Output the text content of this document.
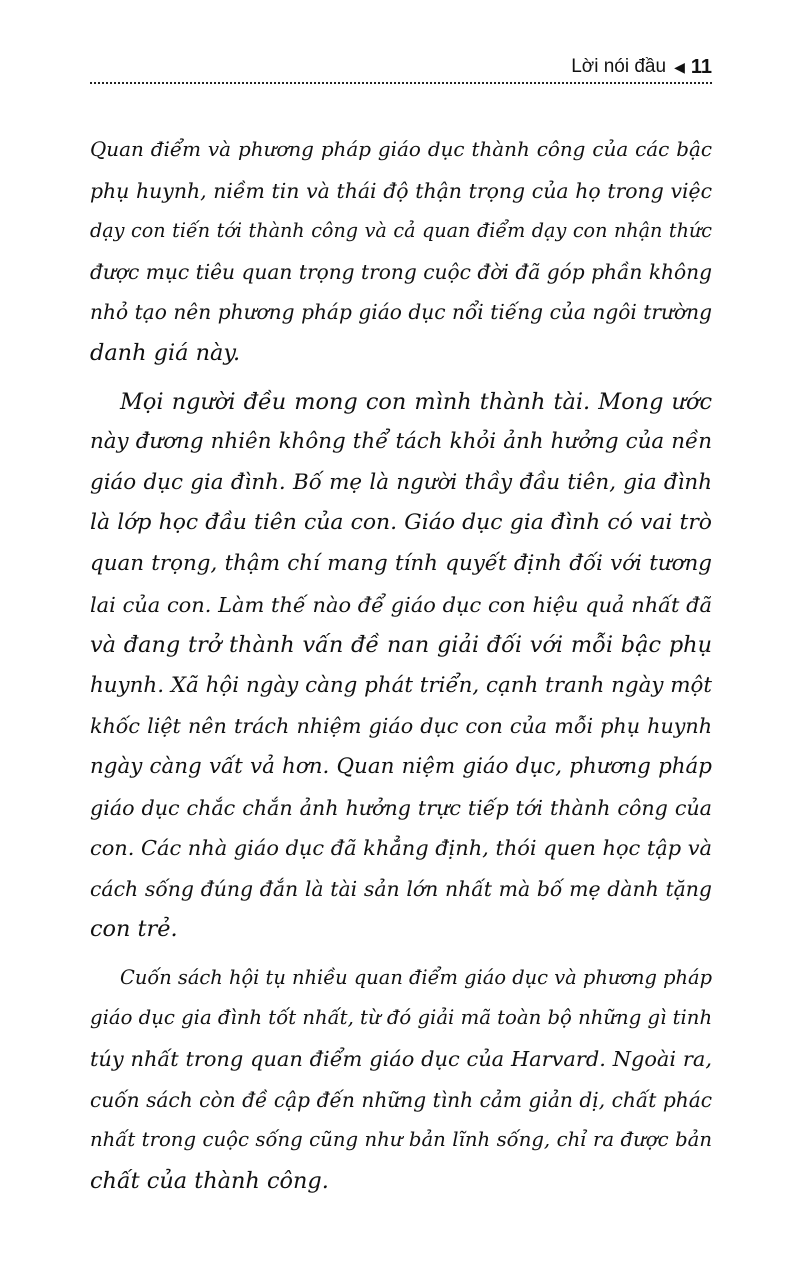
Lời nói đầu ◀ 11

Quan điểm và phương pháp giáo dục thành công của các bậc
phụ huynh, niềm tin và thái độ thận trọng của họ trong việc
dạy con tiến tới thành công và cả quan điểm dạy con nhận thức
được mục tiêu quan trọng trong cuộc đời đã góp phần không
nhỏ tạo nên phương pháp giáo dục nổi tiếng của ngôi trường
danh giá này.

Mọi người đều mong con mình thành tài. Mong ước
này đương nhiên không thể tách khỏi ảnh hưởng của nền
giáo dục gia đình. Bố mẹ là người thầy đầu tiên, gia đình
là lớp học đầu tiên của con. Giáo dục gia đình có vai trò
quan trọng, thậm chí mang tính quyết định đối với tương
lai của con. Làm thế nào để giáo dục con hiệu quả nhất đã
và đang trở thành vấn đề nan giải đối với mỗi bậc phụ
huynh. Xã hội ngày càng phát triển, cạnh tranh ngày một
khốc liệt nên trách nhiệm giáo dục con của mỗi phụ huynh
ngày càng vất vả hơn. Quan niệm giáo dục, phương pháp
giáo dục chắc chắn ảnh hưởng trực tiếp tới thành công của
con. Các nhà giáo dục đã khẳng định, thói quen học tập và
cách sống đúng đắn là tài sản lớn nhất mà bố mẹ dành tặng
con trẻ.

Cuốn sách hội tụ nhiều quan điểm giáo dục và phương pháp
giáo dục gia đình tốt nhất, từ đó giải mã toàn bộ những gì tinh
túy nhất trong quan điểm giáo dục của Harvard. Ngoài ra,
cuốn sách còn đề cập đến những tình cảm giản dị, chất phác
nhất trong cuộc sống cũng như bản lĩnh sống, chỉ ra được bản
chất của thành công.
